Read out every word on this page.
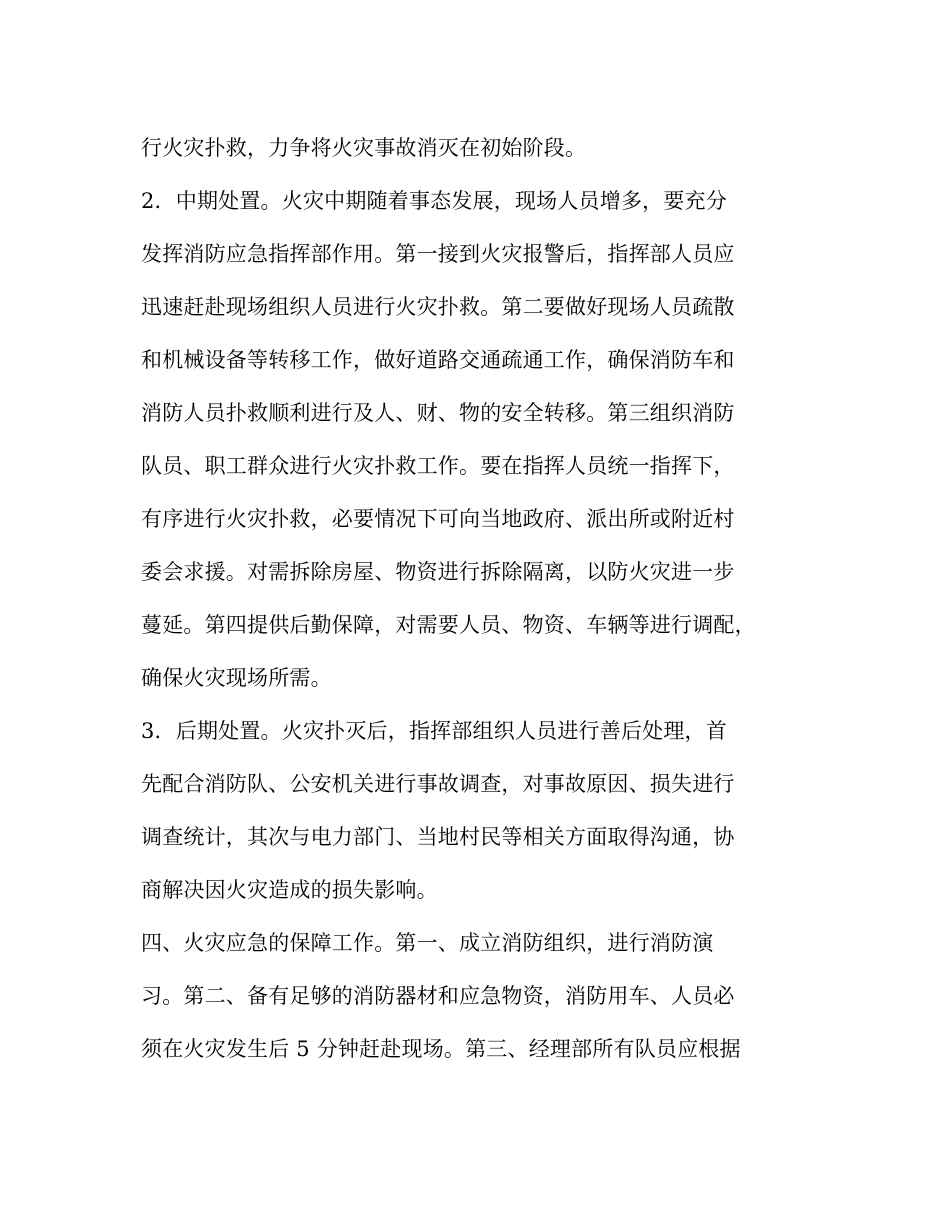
行火灾扑救，力争将火灾事故消灭在初始阶段。
2．中期处置。火灾中期随着事态发展，现场人员增多，要充分
发挥消防应急指挥部作用。第一接到火灾报警后，指挥部人员应
迅速赶赴现场组织人员进行火灾扑救。第二要做好现场人员疏散
和机械设备等转移工作，做好道路交通疏通工作，确保消防车和
消防人员扑救顺利进行及人、财、物的安全转移。第三组织消防
队员、职工群众进行火灾扑救工作。要在指挥人员统一指挥下，
有序进行火灾扑救，必要情况下可向当地政府、派出所或附近村
委会求援。对需拆除房屋、物资进行拆除隔离，以防火灾进一步
蔓延。第四提供后勤保障，对需要人员、物资、车辆等进行调配，
确保火灾现场所需。
3．后期处置。火灾扑灭后，指挥部组织人员进行善后处理，首
先配合消防队、公安机关进行事故调查，对事故原因、损失进行
调查统计，其次与电力部门、当地村民等相关方面取得沟通，协
商解决因火灾造成的损失影响。
四、火灾应急的保障工作。第一、成立消防组织，进行消防演
习。第二、备有足够的消防器材和应急物资，消防用车、人员必
须在火灾发生后 5 分钟赶赴现场。第三、经理部所有队员应根据
